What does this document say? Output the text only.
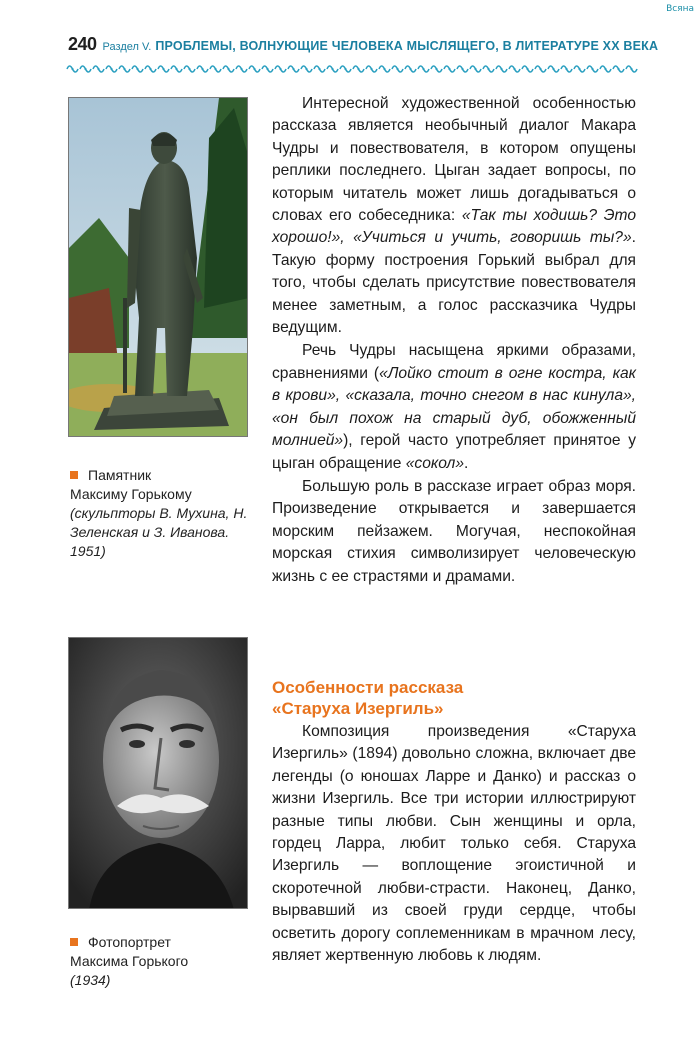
Всяна
240 Раздел V. ПРОБЛЕМЫ, ВОЛНУЮЩИЕ ЧЕЛОВЕКА МЫСЛЯЩЕГО, В ЛИТЕРАТУРЕ XX ВЕКА
Памятник
Максиму Горькому
(скульпторы В. Мухина, Н. Зеленская и З. Иванова. 1951)
Фотопортрет
Максима Горького
(1934)

Интересной художественной особенностью рассказа является необычный диалог Макара Чудры и повествователя, в котором опущены реплики последнего. Цыган задает вопросы, по которым читатель может лишь догадываться о словах его собеседника: «Так ты ходишь? Это хорошо!», «Учиться и учить, говоришь ты?». Такую форму построения Горький выбрал для того, чтобы сделать присутствие повествователя менее заметным, а голос рассказчика Чудры ведущим.

Речь Чудры насыщена яркими образами, сравнениями («Лойко стоит в огне костра, как в крови», «сказала, точно снегом в нас кинула», «он был похож на старый дуб, обожженный молнией»), герой часто употребляет принятое у цыган обращение «сокол».

Большую роль в рассказе играет образ моря. Произведение открывается и завершается морским пейзажем. Могучая, неспокойная морская стихия символизирует человеческую жизнь с ее страстями и драмами.

Особенности рассказа
«Старуха Изергиль»

Композиция произведения «Старуха Изергиль» (1894) довольно сложна, включает две легенды (о юношах Ларре и Данко) и рассказ о жизни Изергиль. Все три истории иллюстрируют разные типы любви. Сын женщины и орла, гордец Ларра, любит только себя. Старуха Изергиль — воплощение эгоистичной и скоротечной любви-страсти. Наконец, Данко, вырвавший из своей груди сердце, чтобы осветить дорогу соплеменникам в мрачном лесу, являет жертвенную любовь к людям.
